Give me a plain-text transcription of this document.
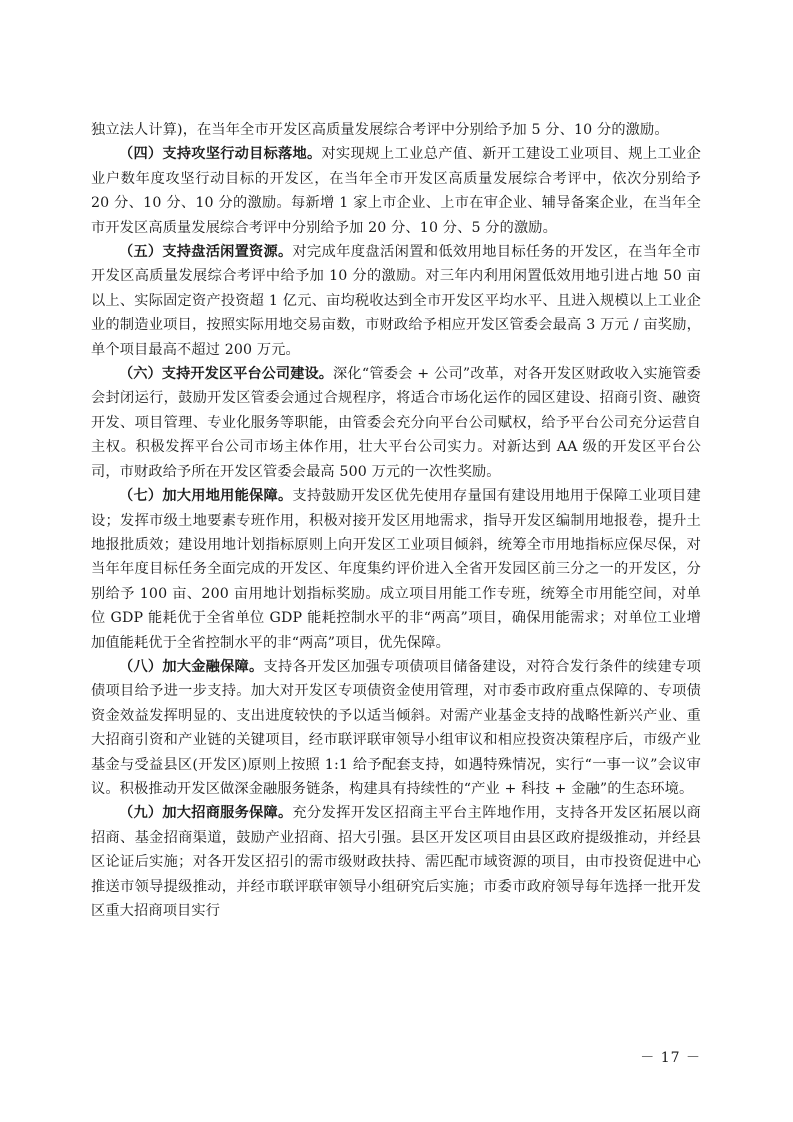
独立法人计算)，在当年全市开发区高质量发展综合考评中分别给予加 5 分、10 分的激励。

（四）支持攻坚行动目标落地。对实现规上工业总产值、新开工建设工业项目、规上工业企业户数年度攻坚行动目标的开发区，在当年全市开发区高质量发展综合考评中，依次分别给予 20 分、10 分、10 分的激励。每新增 1 家上市企业、上市在审企业、辅导备案企业，在当年全市开发区高质量发展综合考评中分别给予加 20 分、10 分、5 分的激励。

（五）支持盘活闲置资源。对完成年度盘活闲置和低效用地目标任务的开发区，在当年全市开发区高质量发展综合考评中给予加 10 分的激励。对三年内利用闲置低效用地引进占地 50 亩以上、实际固定资产投资超 1 亿元、亩均税收达到全市开发区平均水平、且进入规模以上工业企业的制造业项目，按照实际用地交易亩数，市财政给予相应开发区管委会最高 3 万元 / 亩奖励，单个项目最高不超过 200 万元。

（六）支持开发区平台公司建设。深化“管委会 + 公司”改革，对各开发区财政收入实施管委会封闭运行，鼓励开发区管委会通过合规程序，将适合市场化运作的园区建设、招商引资、融资开发、项目管理、专业化服务等职能，由管委会充分向平台公司赋权，给予平台公司充分运营自主权。积极发挥平台公司市场主体作用，壮大平台公司实力。对新达到 AA 级的开发区平台公司，市财政给予所在开发区管委会最高 500 万元的一次性奖励。

（七）加大用地用能保障。支持鼓励开发区优先使用存量国有建设用地用于保障工业项目建设；发挥市级土地要素专班作用，积极对接开发区用地需求，指导开发区编制用地报卷，提升土地报批质效；建设用地计划指标原则上向开发区工业项目倾斜，统筹全市用地指标应保尽保，对当年年度目标任务全面完成的开发区、年度集约评价进入全省开发园区前三分之一的开发区，分别给予 100 亩、200 亩用地计划指标奖励。成立项目用能工作专班，统筹全市用能空间，对单位 GDP 能耗优于全省单位 GDP 能耗控制水平的非“两高”项目，确保用能需求；对单位工业增加值能耗优于全省控制水平的非“两高”项目，优先保障。

（八）加大金融保障。支持各开发区加强专项债项目储备建设，对符合发行条件的续建专项债项目给予进一步支持。加大对开发区专项债资金使用管理，对市委市政府重点保障的、专项债资金效益发挥明显的、支出进度较快的予以适当倾斜。对需产业基金支持的战略性新兴产业、重大招商引资和产业链的关键项目，经市联评联审领导小组审议和相应投资决策程序后，市级产业基金与受益县区(开发区)原则上按照 1:1 给予配套支持，如遇特殊情况，实行“一事一议”会议审议。积极推动开发区做深金融服务链条，构建具有持续性的“产业 + 科技 + 金融”的生态环境。

（九）加大招商服务保障。充分发挥开发区招商主平台主阵地作用，支持各开发区拓展以商招商、基金招商渠道，鼓励产业招商、招大引强。县区开发区项目由县区政府提级推动，并经县区论证后实施；对各开发区招引的需市级财政扶持、需匹配市域资源的项目，由市投资促进中心推送市领导提级推动，并经市联评联审领导小组研究后实施；市委市政府领导每年选择一批开发区重大招商项目实行

－ 17 －
